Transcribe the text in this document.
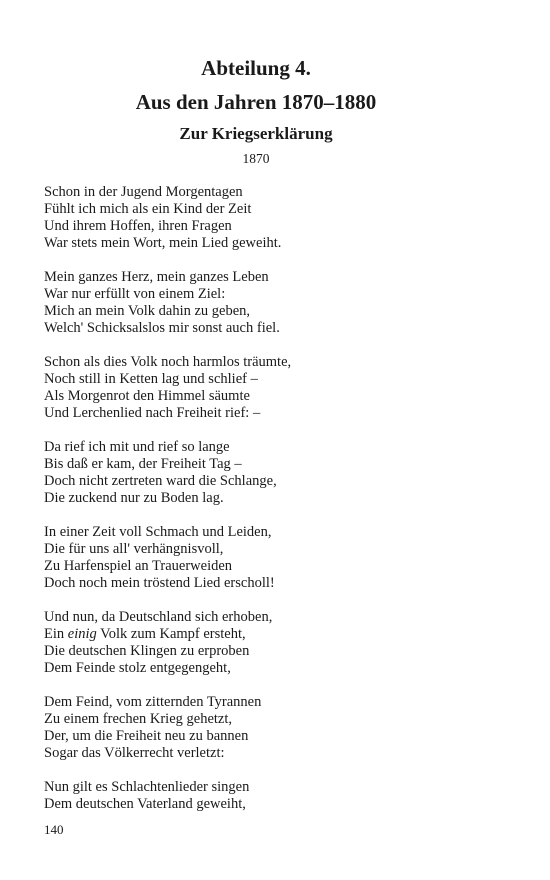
Abteilung 4.
Aus den Jahren 1870–1880
Zur Kriegserklärung
1870
Schon in der Jugend Morgentagen
Fühlt ich mich als ein Kind der Zeit
Und ihrem Hoffen, ihren Fragen
War stets mein Wort, mein Lied geweiht.
Mein ganzes Herz, mein ganzes Leben
War nur erfüllt von einem Ziel:
Mich an mein Volk dahin zu geben,
Welch' Schicksalslos mir sonst auch fiel.
Schon als dies Volk noch harmlos träumte,
Noch still in Ketten lag und schlief –
Als Morgenrot den Himmel säumte
Und Lerchenlied nach Freiheit rief: –
Da rief ich mit und rief so lange
Bis daß er kam, der Freiheit Tag –
Doch nicht zertreten ward die Schlange,
Die zuckend nur zu Boden lag.
In einer Zeit voll Schmach und Leiden,
Die für uns all' verhängnisvoll,
Zu Harfenspiel an Trauerweiden
Doch noch mein tröstend Lied erscholl!
Und nun, da Deutschland sich erhoben,
Ein einig Volk zum Kampf ersteht,
Die deutschen Klingen zu erproben
Dem Feinde stolz entgegengeht,
Dem Feind, vom zitternden Tyrannen
Zu einem frechen Krieg gehetzt,
Der, um die Freiheit neu zu bannen
Sogar das Völkerrecht verletzt:
Nun gilt es Schlachtenlieder singen
Dem deutschen Vaterland geweiht,
140
